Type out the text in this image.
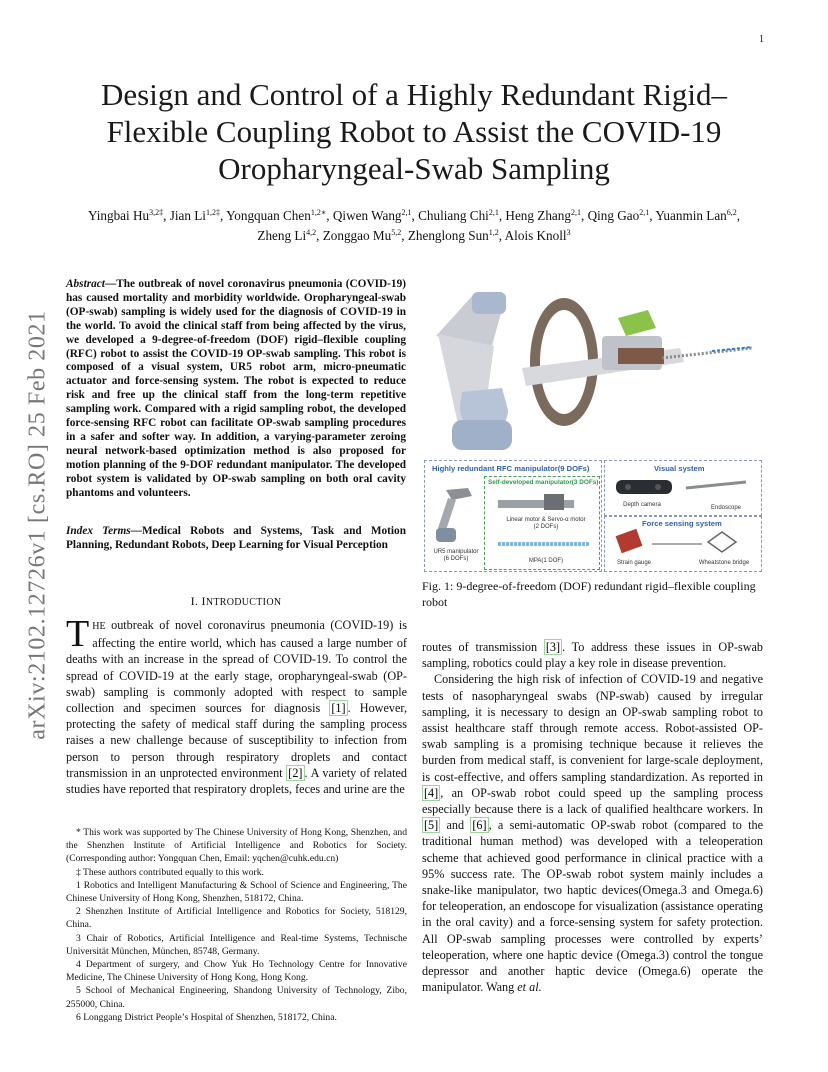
1
Design and Control of a Highly Redundant Rigid–Flexible Coupling Robot to Assist the COVID-19 Oropharyngeal-Swab Sampling
Yingbai $Hu^{3,2\ddagger}$, Jian $Li^{1,2\ddagger}$, Yongquan Chen$^{1,2∗}$, Qiwen Wang$^{2,1}$, Chuliang Chi$^{2,1}$, Heng Zhang$^{2,1}$, Qing Gao$^{2,1}$, Yuanmin Lan$^{6,2}$, Zheng Li$^{4,2}$, Zonggao Mu$^{5,2}$, Zhenglong Sun$^{1,2}$, Alois Knoll$^3$
arXiv:2102.12726v1 [cs.RO] 25 Feb 2021
Abstract—The outbreak of novel coronavirus pneumonia (COVID-19) has caused mortality and morbidity worldwide. Oropharyngeal-swab (OP-swab) sampling is widely used for the diagnosis of COVID-19 in the world. To avoid the clinical staff from being affected by the virus, we developed a 9-degree-of-freedom (DOF) rigid–flexible coupling (RFC) robot to assist the COVID-19 OP-swab sampling. This robot is composed of a visual system, UR5 robot arm, micro-pneumatic actuator and force-sensing system. The robot is expected to reduce risk and free up the clinical staff from the long-term repetitive sampling work. Compared with a rigid sampling robot, the developed force-sensing RFC robot can facilitate OP-swab sampling procedures in a safer and softer way. In addition, a varying-parameter zeroing neural network-based optimization method is also proposed for motion planning of the 9-DOF redundant manipulator. The developed robot system is validated by OP-swab sampling on both oral cavity phantoms and volunteers.
Index Terms—Medical Robots and Systems, Task and Motion Planning, Redundant Robots, Deep Learning for Visual Perception
I. INTRODUCTION
THE outbreak of novel coronavirus pneumonia (COVID-19) is affecting the entire world, which has caused a large number of deaths with an increase in the spread of COVID-19. To control the spread of COVID-19 at the early stage, oropharyngeal-swab (OP-swab) sampling is commonly adopted with respect to sample collection and specimen sources for diagnosis [1] . However, protecting the safety of medical staff during the sampling process raises a new challenge because of susceptibility to infection from person to person through respiratory droplets and contact transmission in an unprotected environment [2] . A variety of related studies have reported that respiratory droplets, feces and urine are the

* This work was supported by The Chinese University of Hong Kong, Shenzhen, and the Shenzhen Institute of Artificial Intelligence and Robotics for Society. (Corresponding author: Yongquan Chen, Email: yqchen@cuhk.edu.cn)

‡ These authors contributed equally to this work.

1 Robotics and Intelligent Manufacturing & School of Science and Engineering, The Chinese University of Hong Kong, Shenzhen, 518172, China.

2 Shenzhen Institute of Artificial Intelligence and Robotics for Society, 518129, China.

3 Chair of Robotics, Artificial Intelligence and Real-time Systems, Technische Universität München, München, 85748, Germany.

4 Department of surgery, and Chow Yuk Ho Technology Centre for Innovative Medicine, The Chinese University of Hong Kong, Hong Kong.

5 School of Mechanical Engineering, Shandong University of Technology, Zibo, 255000, China.

6 Longgang District People’s Hospital of Shenzhen, 518172, China.

Highly redundant RFC manipulator(9 DOFs)
Self-developed manipulator(3 DOFs)
UR5 manipulator
(6 DOFs)
Linear motor & Servo-α motor
(2 DOFs)
MPA(1 DOF)
Visual system
Depth camera	Endoscope
Force sensing system
Strain gauge	Wheatstone bridge
Fig. 1: 9-degree-of-freedom (DOF) redundant rigid–flexible coupling robot

routes of transmission [3] . To address these issues in OP-swab sampling, robotics could play a key role in disease prevention.

Considering the high risk of infection of COVID-19 and negative tests of nasopharyngeal swabs (NP-swab) caused by irregular sampling, it is necessary to design an OP-swab sampling robot to assist healthcare staff through remote access. Robot-assisted OP-swab sampling is a promising technique because it relieves the burden from medical staff, is convenient for large-scale deployment, is cost-effective, and offers sampling standardization. As reported in [4] , an OP-swab robot could speed up the sampling process especially because there is a lack of qualified healthcare workers. In [5] and [6] , a semi-automatic OP-swab robot (compared to the traditional human method) was developed with a teleoperation scheme that achieved good performance in clinical practice with a 95% success rate. The OP-swab robot system mainly includes a snake-like manipulator, two haptic devices(Omega.3 and Omega.6) for teleoperation, an endoscope for visualization (assistance operating in the oral cavity) and a force-sensing system for safety protection. All OP-swab sampling processes were controlled by experts’ teleoperation, where one haptic device (Omega.3) control the tongue depressor and another haptic device (Omega.6) operate the manipulator. Wang et al.
